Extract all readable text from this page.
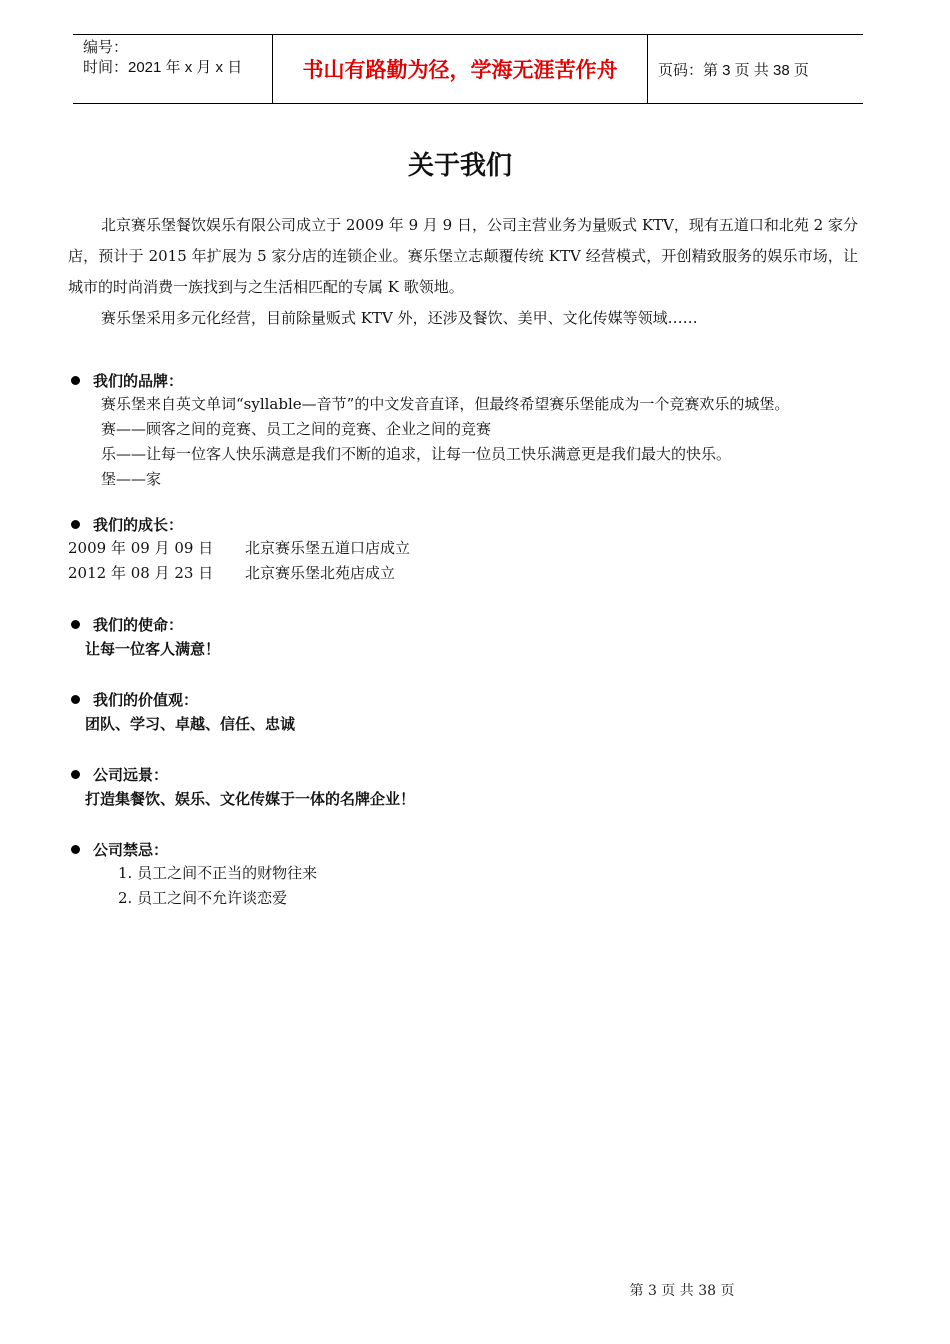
编号：
时间：2021 年 x 月 x 日	书山有路勤为径，学海无涯苦作舟	页码：第 3 页 共 38 页
关于我们

北京赛乐堡餐饮娱乐有限公司成立于 2009 年 9 月 9 日，公司主营业务为量贩式 KTV，现有五道口和北苑 2 家分店，预计于 2015 年扩展为 5 家分店的连锁企业。赛乐堡立志颠覆传统 KTV 经营模式，开创精致服务的娱乐市场，让城市的时尚消费一族找到与之生活相匹配的专属 K 歌领地。

赛乐堡采用多元化经营，目前除量贩式 KTV 外，还涉及餐饮、美甲、文化传媒等领域……

我们的品牌：
赛乐堡来自英文单词“syllable—音节”的中文发音直译，但最终希望赛乐堡能成为一个竞赛欢乐的城堡。
赛——顾客之间的竞赛、员工之间的竞赛、企业之间的竞赛
乐——让每一位客人快乐满意是我们不断的追求，让每一位员工快乐满意更是我们最大的快乐。
堡——家
我们的成长：
2009 年 09 月 09 日	北京赛乐堡五道口店成立
2012 年 08 月 23 日	北京赛乐堡北苑店成立
我们的使命：
让每一位客人满意！
我们的价值观：
团队、学习、卓越、信任、忠诚
公司远景：
打造集餐饮、娱乐、文化传媒于一体的名牌企业！
公司禁忌：
1. 员工之间不正当的财物往来
2. 员工之间不允许谈恋爱
第 3 页 共 38 页
